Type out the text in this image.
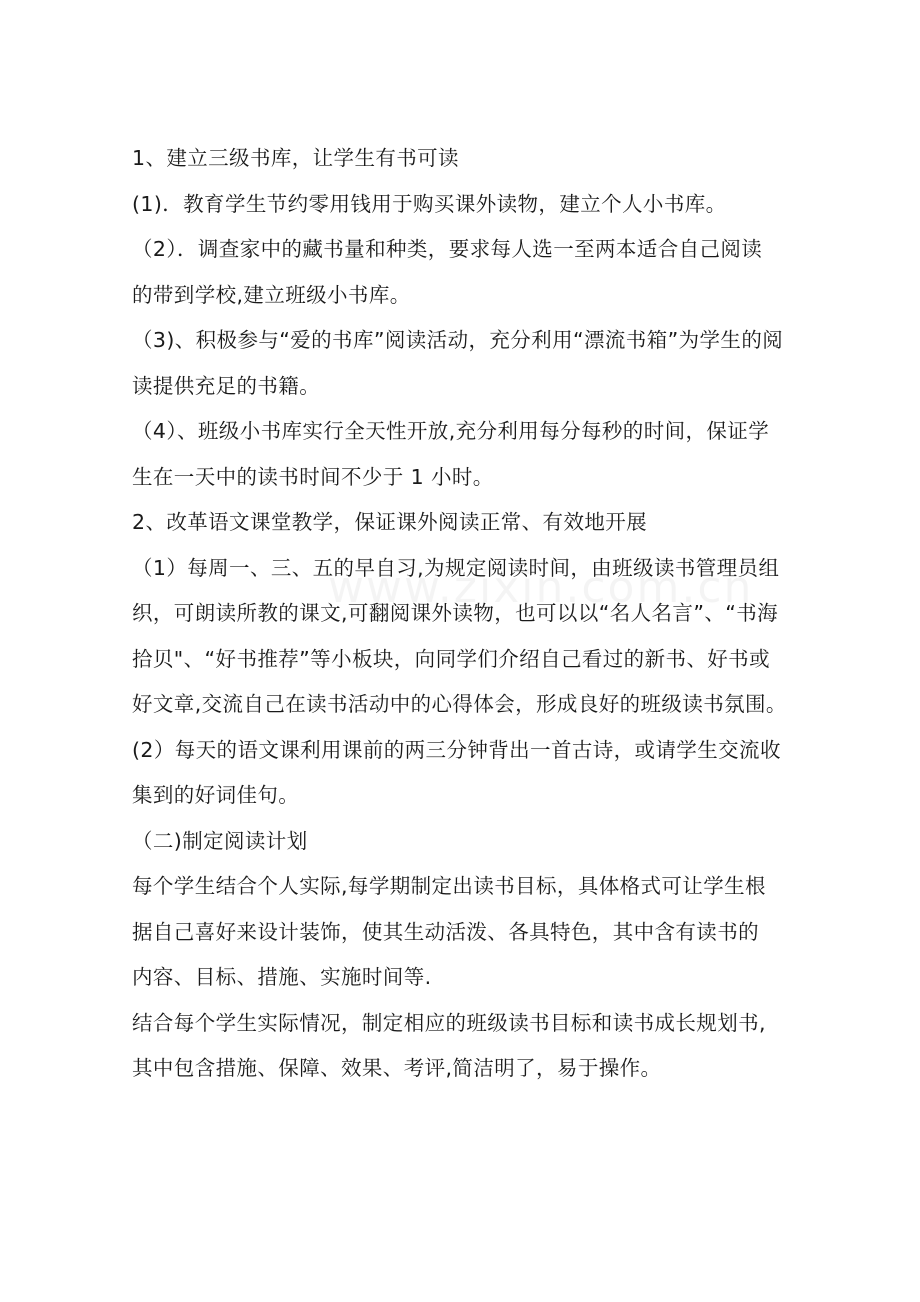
1、建立三级书库，让学生有书可读
(1)．教育学生节约零用钱用于购买课外读物，建立个人小书库。
（2）．调查家中的藏书量和种类，要求每人选一至两本适合自己阅读
的带到学校,建立班级小书库。
（3)、积极参与“爱的书库”阅读活动，充分利用“漂流书箱”为学生的阅
读提供充足的书籍。
（4）、班级小书库实行全天性开放,充分利用每分每秒的时间，保证学
生在一天中的读书时间不少于 1 小时。
2、改革语文课堂教学，保证课外阅读正常、有效地开展
（1）每周一、三、五的早自习,为规定阅读时间，由班级读书管理员组
织，可朗读所教的课文,可翻阅课外读物，也可以以“名人名言”、“书海
拾贝"、“好书推荐”等小板块，向同学们介绍自己看过的新书、好书或
好文章,交流自己在读书活动中的心得体会，形成良好的班级读书氛围。
(2）每天的语文课利用课前的两三分钟背出一首古诗，或请学生交流收
集到的好词佳句。
（二)制定阅读计划
每个学生结合个人实际,每学期制定出读书目标，具体格式可让学生根
据自己喜好来设计装饰，使其生动活泼、各具特色，其中含有读书的
内容、目标、措施、实施时间等.
结合每个学生实际情况，制定相应的班级读书目标和读书成长规划书,
其中包含措施、保障、效果、考评,简洁明了，易于操作。
